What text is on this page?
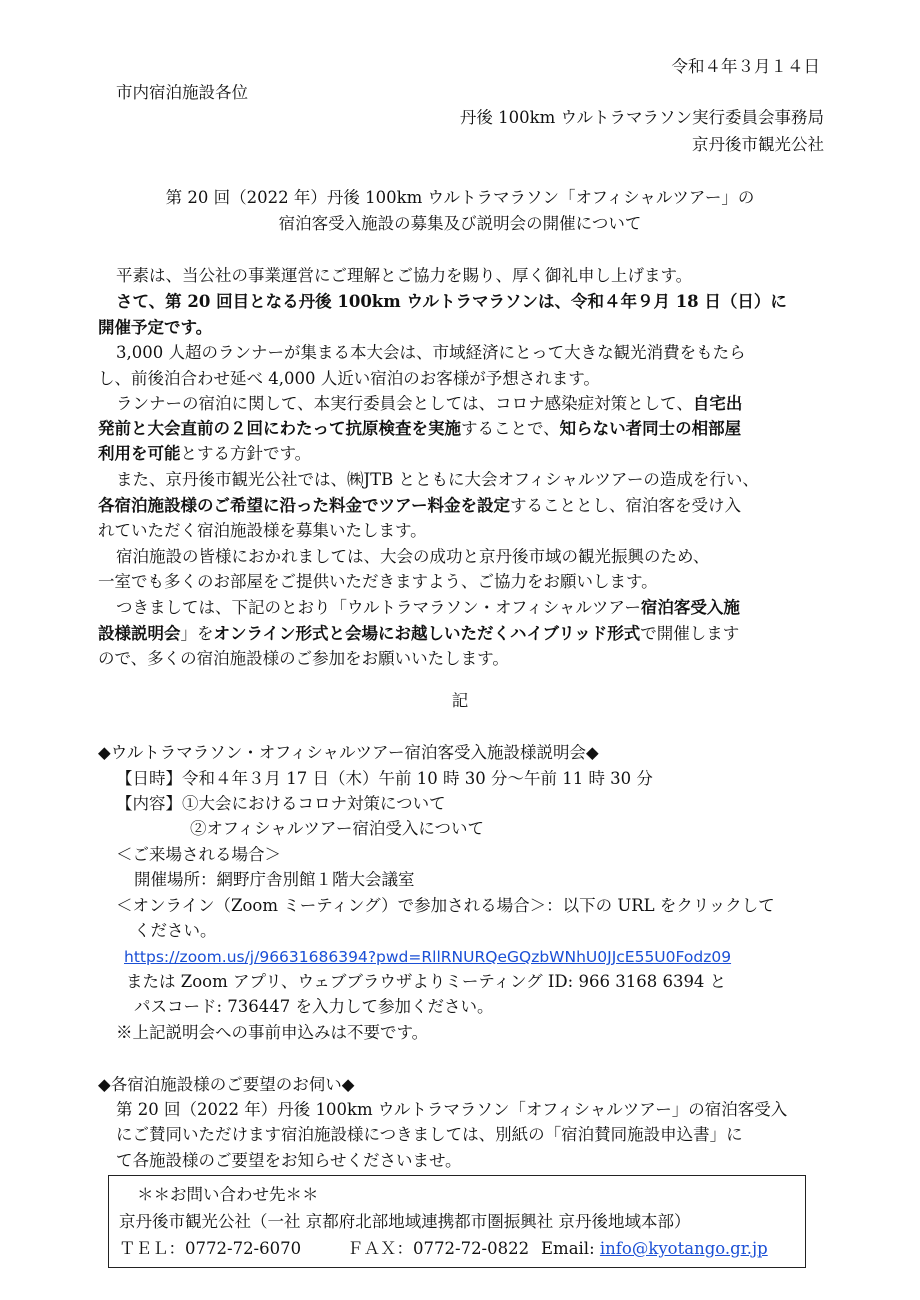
令和４年３月１４日
市内宿泊施設各位
丹後 100km ウルトラマラソン実行委員会事務局
京丹後市観光公社
第 20 回（2022 年）丹後 100km ウルトラマラソン「オフィシャルツアー」の
宿泊客受入施設の募集及び説明会の開催について
平素は、当公社の事業運営にご理解とご協力を賜り、厚く御礼申し上げます。
さて、第 20 回目となる丹後 100km ウルトラマラソンは、令和４年９月 18 日（日）に
開催予定です。
3,000 人超のランナーが集まる本大会は、市域経済にとって大きな観光消費をもたら
し、前後泊合わせ延べ 4,000 人近い宿泊のお客様が予想されます。
ランナーの宿泊に関して、本実行委員会としては、コロナ感染症対策として、自宅出
発前と大会直前の２回にわたって抗原検査を実施することで、知らない者同士の相部屋
利用を可能とする方針です。
また、京丹後市観光公社では、㈱JTB とともに大会オフィシャルツアーの造成を行い、
各宿泊施設様のご希望に沿った料金でツアー料金を設定することとし、宿泊客を受け入
れていただく宿泊施設様を募集いたします。
宿泊施設の皆様におかれましては、大会の成功と京丹後市域の観光振興のため、
一室でも多くのお部屋をご提供いただきますよう、ご協力をお願いします。
つきましては、下記のとおり「ウルトラマラソン・オフィシャルツアー宿泊客受入施
設様説明会」をオンライン形式と会場にお越しいただくハイブリッド形式で開催します
ので、多くの宿泊施設様のご参加をお願いいたします。
記
◆ウルトラマラソン・オフィシャルツアー宿泊客受入施設様説明会◆
【日時】令和４年３月 17 日（木）午前 10 時 30 分～午前 11 時 30 分
【内容】①大会におけるコロナ対策について
②オフィシャルツアー宿泊受入について
＜ご来場される場合＞
開催場所：網野庁舎別館１階大会議室
＜オンライン（Zoom ミーティング）で参加される場合＞：以下の URL をクリックして
ください。
https://zoom.us/j/96631686394?pwd=RllRNURQeGQzbWNhU0JJcE55U0Fodz09
または Zoom アプリ、ウェブブラウザよりミーティング ID: 966 3168 6394 と
パスコード: 736447 を入力して参加ください。
※上記説明会への事前申込みは不要です。
◆各宿泊施設様のご要望のお伺い◆
第 20 回（2022 年）丹後 100km ウルトラマラソン「オフィシャルツアー」の宿泊客受入
にご賛同いただけます宿泊施設様につきましては、別紙の「宿泊賛同施設申込書」に
て各施設様のご要望をお知らせくださいませ。
＊＊お問い合わせ先＊＊
京丹後市観光公社（一社 京都府北部地域連携都市圏振興社 京丹後地域本部）
ＴＥＬ：0772-72-6070	ＦＡＸ：0772-72-0822 Email: info@kyotango.gr.jp
